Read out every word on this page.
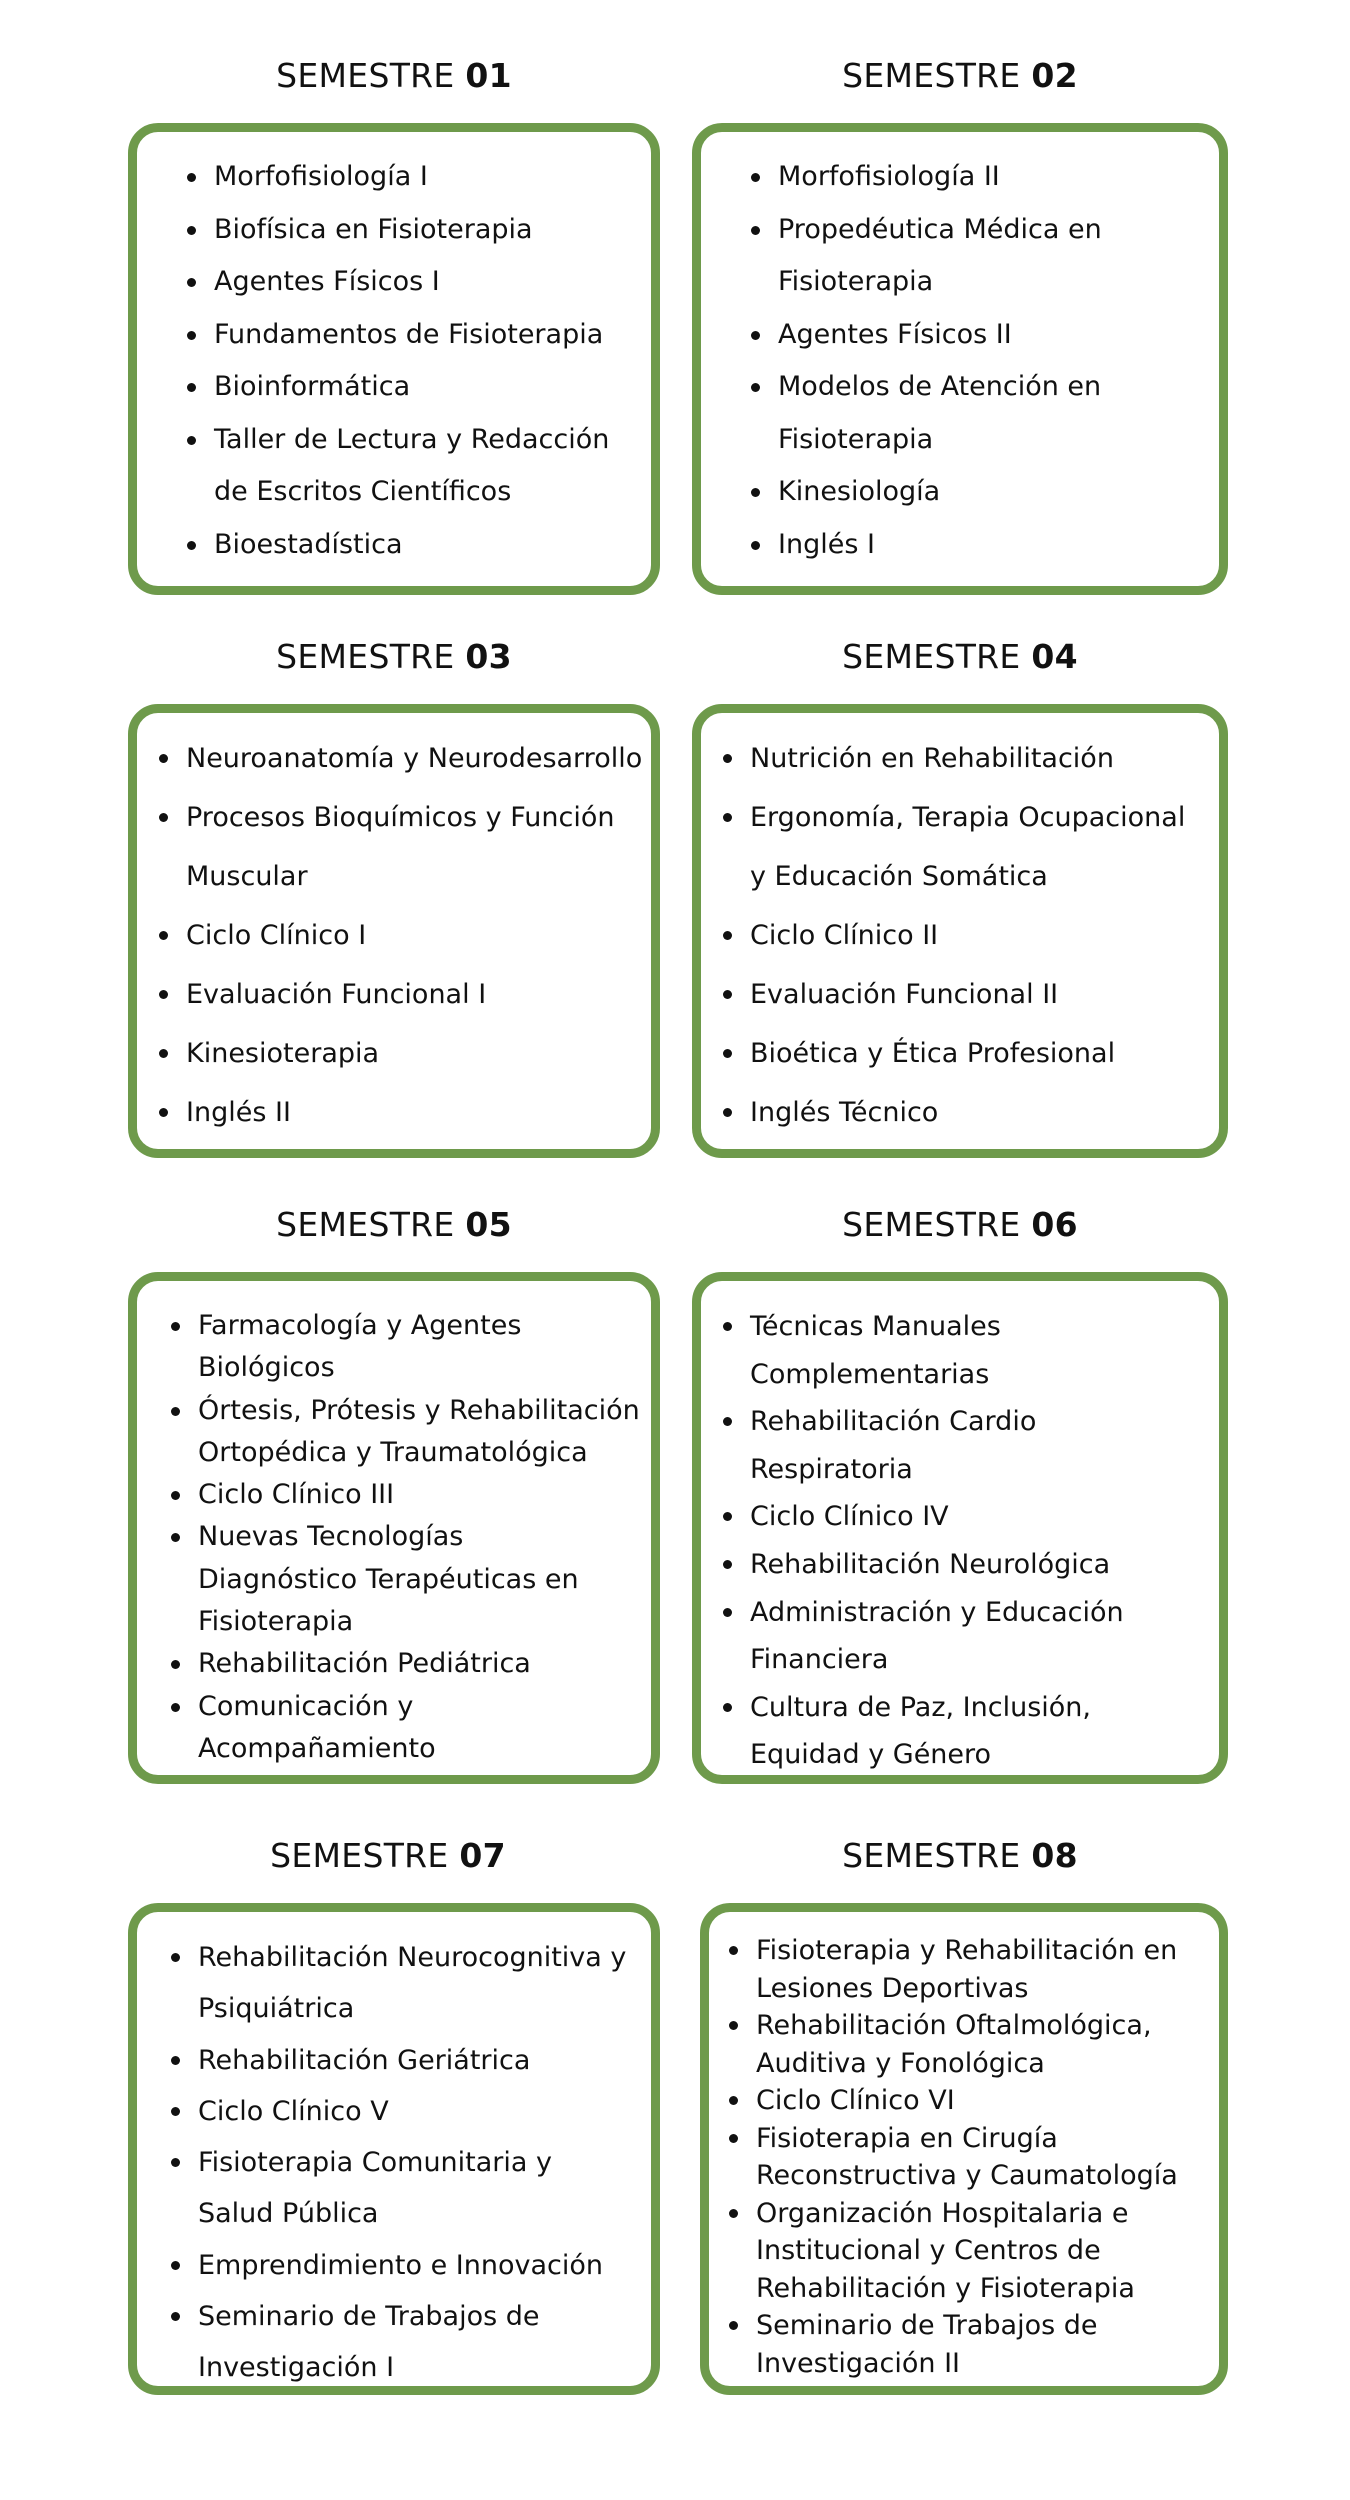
SEMESTRE 01
Morfofisiología I
Biofísica en Fisioterapia
Agentes Físicos I
Fundamentos de Fisioterapia
Bioinformática
Taller de Lectura y Redacción
de Escritos Científicos
Bioestadística
SEMESTRE 02
Morfofisiología II
Propedéutica Médica en
Fisioterapia
Agentes Físicos II
Modelos de Atención en
Fisioterapia
Kinesiología
Inglés I
SEMESTRE 03
Neuroanatomía y Neurodesarrollo
Procesos Bioquímicos y Función
Muscular
Ciclo Clínico I
Evaluación Funcional I
Kinesioterapia
Inglés II
SEMESTRE 04
Nutrición en Rehabilitación
Ergonomía, Terapia Ocupacional
y Educación Somática
Ciclo Clínico II
Evaluación Funcional II
Bioética y Ética Profesional
Inglés Técnico
SEMESTRE 05
Farmacología y Agentes
Biológicos
Órtesis, Prótesis y Rehabilitación
Ortopédica y Traumatológica
Ciclo Clínico III
Nuevas Tecnologías
Diagnóstico Terapéuticas en
Fisioterapia
Rehabilitación Pediátrica
Comunicación y
Acompañamiento
SEMESTRE 06
Técnicas Manuales
Complementarias
Rehabilitación Cardio
Respiratoria
Ciclo Clínico IV
Rehabilitación Neurológica
Administración y Educación
Financiera
Cultura de Paz, Inclusión,
Equidad y Género
SEMESTRE 07
Rehabilitación Neurocognitiva y
Psiquiátrica
Rehabilitación Geriátrica
Ciclo Clínico V
Fisioterapia Comunitaria y
Salud Pública
Emprendimiento e Innovación
Seminario de Trabajos de
Investigación I
SEMESTRE 08
Fisioterapia y Rehabilitación en
Lesiones Deportivas
Rehabilitación Oftalmológica,
Auditiva y Fonológica
Ciclo Clínico VI
Fisioterapia en Cirugía
Reconstructiva y Caumatología
Organización Hospitalaria e
Institucional y Centros de
Rehabilitación y Fisioterapia
Seminario de Trabajos de
Investigación II
